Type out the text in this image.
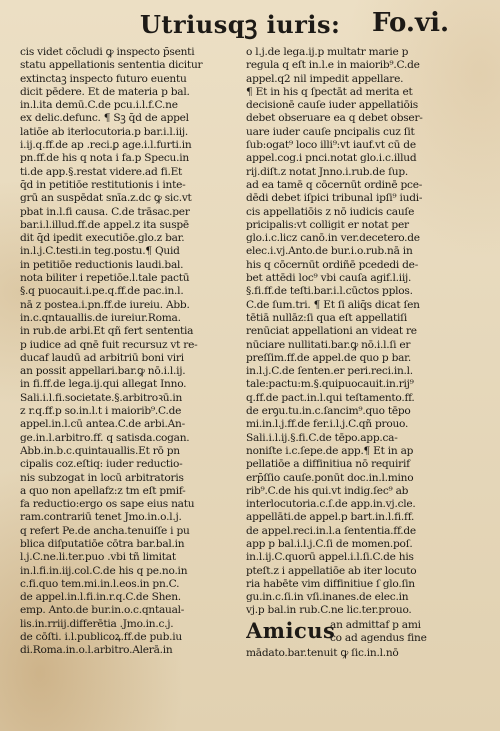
Utriusqꝫ iuris: Fo.vi.
cis videt cōcludi ꝙ inspecto p̄senti
statu appellationis sententia dicitur
extinctaꝫ inspecto futuro euentu
dicit pēdere. Et de materia p bal.
in.l.ita demū.C.de pcu.i.l.f.C.ne
ex delic.defunc. ¶ Sꝫ q̄d de appel
latiōe ab iterlocutoria.p bar.i.l.iij.
i.ij.q.ff.de ap .reci.ꝑ age.i.l.furti.in
pn.ff.de his q nota i fa.p Specu.in
ti.de app.§.restat videre.ad fi.Et
q̄d in petitiōe restitutionis i inte-
grū an suspēdat snīa.z.dc ꝙ sic.vt
pbat in.l.fi causa. C.de trāsac.per
bar.i.l.illud.ff.de appel.z ita suspē
dit q̄d ipedit executiōe.glo.z bar.
in.l.j.C.testi.in teg.postu.¶ Quid
in petitiōe reductionis laudi.bal.
nota biliter i repetiōe.l.tale pactū
§.q puocauit.i.pe.q.ff.de pac.in.l.
nā z postea.i.pn.ff.de iureiu. Abb.
in.c.qntauallis.de iureiur.Roma.
in rub.de arbi.Et qñ fert sententia
p iudice ad qnē fuit recursuz vt re-
ducaf laudū ad arbitriū boni viri
an possit appellari.bar.ꝙ nō.i.l.ij.
in fi.ff.de lega.ij.qui allegat Inno.
Sali.i.l.fi.societate.§.arbitroꝛū.in
z r.q.ff.p so.in.l.t i maiorib⁹.C.de
appel.in.l.cū antea.C.de arbi.An-
ge.in.l.arbitro.ff. q satisda.cogan.
Abb.in.b.c.quintauallis.Et rō pn
cipalis coz.eſtiq: iuder reductio-
nis subzogat in locū arbitratoris
a quo non apellafz:z tm eſt pmif-
fa reductio:ergo os sape eius natu
ram.contrariū tenet Jmo.in.o.l.j.
q refert Pe.de ancha.tenuiſſe i pu
blica diſputatiōe cōtra bar.bal.in
l.j.C.ne.li.ter.puo .vbi tñ limitat
in.l.fi.in.iij.col.C.de his q pe.no.in
c.fi.quo tem.mi.in.l.eos.in pn.C.
de appel.in.l.fi.in.r.q.C.de Shen.
emp. Anto.de bur.in.o.c.qntaual-
lis.in.rriij.differētia .Jmo.in.c.j.
de cōſti. i.l.publicoꝝ.ff.de pub.iu
di.Roma.in.o.l.arbitro.Alerā.in
o l.j.de lega.ij.p multatr marie p
regula q eſt in.l.e in maiorib⁹.C.de
appel.q2 nil impedit appellare.
¶ Et in his q ſpectāt ad merita et
decisionē cauſe iuder appellatiōis
debet obseruare ea q debet obser-
uare iuder cauſe pncipalis cuz ſit
ſub:ogat⁹ loco illi⁹:vt iauf.vt cū de
appel.cog.i pnci.notat glo.i.c.illud
rij.diſt.z notat Jnno.i.rub.de ſup.
ad ea tamē q cōcernūt ordinē pce-
dēdi debet iſpici tribunal ipſi⁹ iudi-
cis appellatiōis z nō iudicis cauſe
pricipalis:vt colligit er notat per
glo.i.c.licz canō.in ver.decetero.de
elec.i.vj.Anto.de bur.i.o.rub.nā in
his q cōcernūt ordiñē pcededi de-
bet attēdi loc⁹ vbi cauſa agif.l.iij.
§.fi.ff.de teſti.bar.i.l.cūctos pplos.
C.de ſum.tri. ¶ Et ſi aliq̄s dicat ſen
tētiā nullāz:ſi qua eſt appellatiſi
renūciat appellationi an videat re
nūciare nullitati.bar.ꝙ nō.i.l.ſi er
preſſim.ff.de appel.de quo p bar.
in.l.j.C.de ſenten.er peri.reci.in.l.
tale:pactu:m.§.quipuocauit.in.rij⁹
q.ff.de pact.in.l.qui teſtamento.ff.
de erꝯu.tu.in.c.ſancim⁹.quo tēpo
mi.in.l.j.ff.de fer.i.l.j.C.qñ prouo.
Sali.i.l.ij.§.fi.C.de tēpo.app.ca-
noniſte i.c.ſepe.de app.¶ Et in ap
pellatiōe a diffinitiua nō requirif
erp̄ſſio cauſe.ponūt doc.in.l.mino
rib⁹.C.de his qui.vt indig.ſec⁹ ab
interlocutoria.c.ſ.de app.in.vj.cle.
appellāti.de appel.p bart.in.l.fi.ff.
de appel.reci.in.l.a ſententia.ff.de
app p bal.i.l.j.C.ſi de momen.poſ.
in.l.ij.C.quorū appel.i.l.ſi.C.de his
pteſt.z i appellatiōe ab iter locuto
ria habēte vim diffinitiue ſ glo.ſin
gu.in.c.ſi.in vſi.inanes.de elec.in
vj.p bal.in rub.C.ne lic.ter.prouo.
Amicus
an admittaf p ami
co ad agendus fine
mādato.bar.tenuit ꝙ ſic.in.l.nō
